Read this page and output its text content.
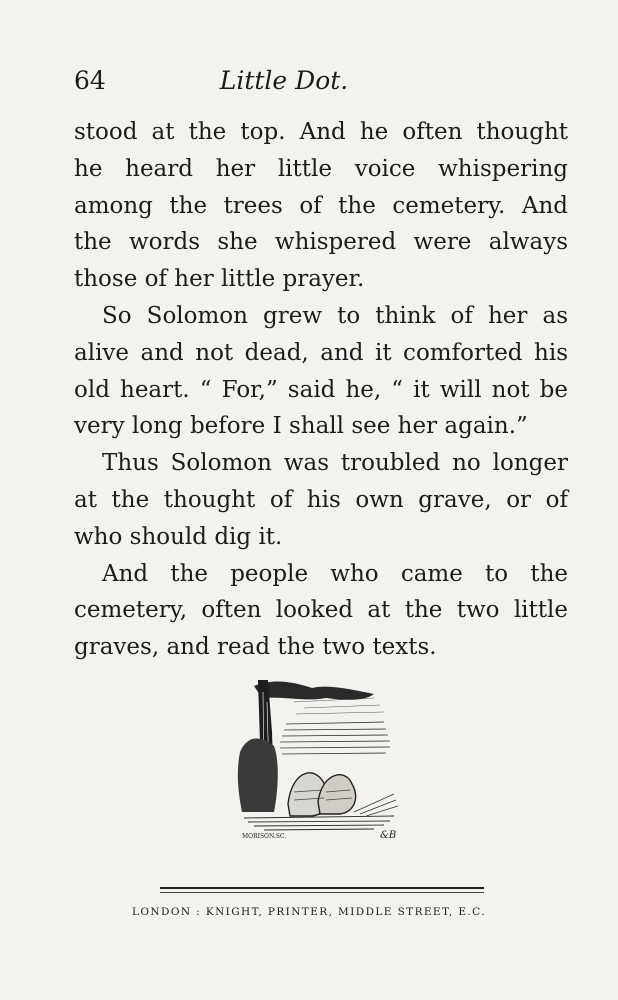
64	Little Dot.

stood at the top. And he often thought
he heard her little voice whispering
among the trees of the cemetery. And
the words she whispered were always
those of her little prayer.

So Solomon grew to think of her as
alive and not dead, and it comforted his
old heart. “ For,” said he, “ it will not be
very long before I shall see her again.”

Thus Solomon was troubled no longer
at the thought of his own grave, or of
who should dig it.

And the people who came to the
cemetery, often looked at the two little
graves, and read the two texts.

MORISON.SC.	&B
LONDON : KNIGHT, PRINTER, MIDDLE STREET, E.C.
